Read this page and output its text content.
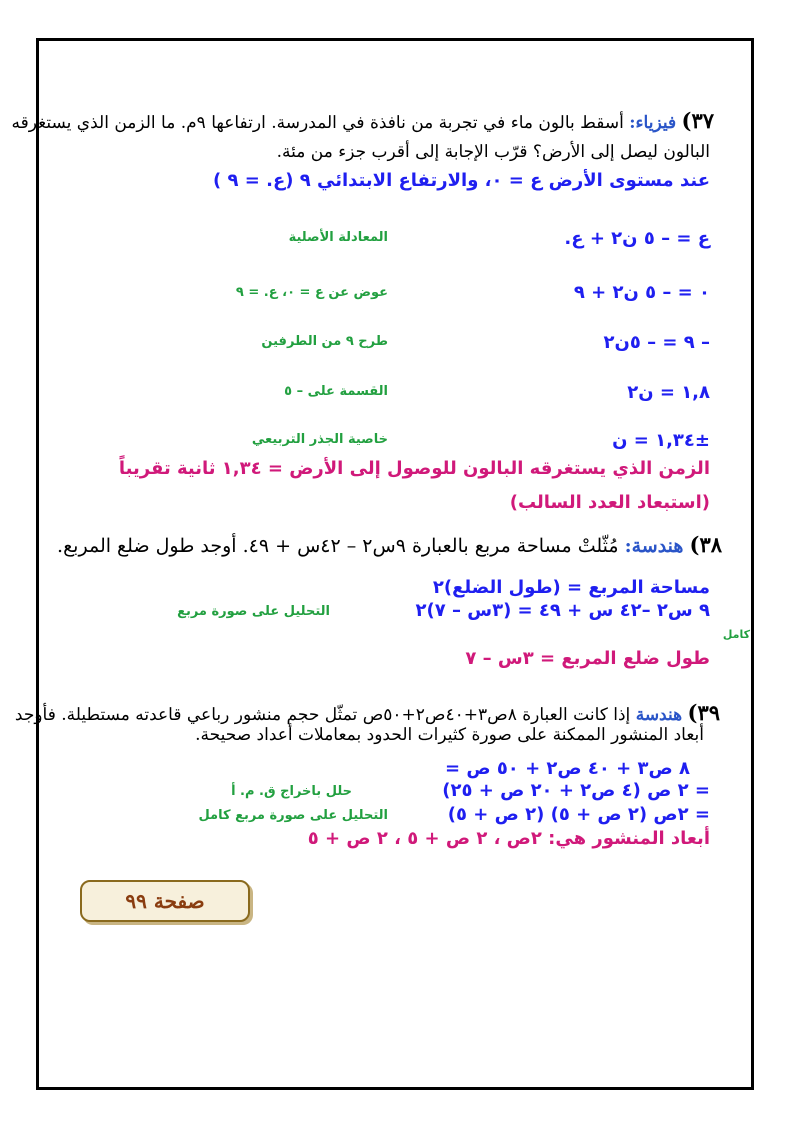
٣٧) فيزياء: أسقط بالون ماء في تجربة من نافذة في المدرسة. ارتفاعها ٩م. ما الزمن الذي يستغرقه
البالون ليصل إلى الأرض؟ قرّب الإجابة إلى أقرب جزء من مئة.
عند مستوى الأرض ع = ٠، والارتفاع الابتدائي ٩ (ع. = ٩ )
ع = – ٥ ن٢ + ع.
المعادلة الأصلية
٠ = – ٥ ن٢ + ٩
عوض عن ع = ٠، ع. = ٩
– ٩ = – ٥ن٢
طرح ٩ من الطرفين
١,٨ = ن٢
القسمة على – ٥
±١,٣٤ = ن
خاصية الجذر التربيعي
الزمن الذي يستغرقه البالون للوصول إلى الأرض = ١,٣٤ ثانية تقريباً
(استبعاد العدد السالب)
٣٨) هندسة: مُثّلتْ مساحة مربع بالعبارة ٩س٢ – ٤٢س + ٤٩. أوجد طول ضلع المربع.
مساحة المربع = (طول الضلع)٢
٩ س٢ –٤٢ س + ٤٩ = (٣س – ٧)٢
التحليل على صورة مربع
كامل
طول ضلع المربع = ٣س – ٧
٣٩) هندسة إذا كانت العبارة ٨ص٣+٤٠ص٢+٥٠ص تمثّل حجم منشور رباعي قاعدته مستطيلة. فأوجد
أبعاد المنشور الممكنة على صورة كثيرات الحدود بمعاملات أعداد صحيحة.
٨ ص٣ + ٤٠ ص٢ + ٥٠ ص =
= ٢ ص (٤ ص٢ + ٢٠ ص + ٢٥)
حلل باخراج ق. م. أ
= ٢ص (٢ ص + ٥) (٢ ص + ٥)
التحليل على صورة مربع كامل
أبعاد المنشور هي: ٢ص ، ٢ ص + ٥ ، ٢ ص + ٥
صفحة ٩٩
